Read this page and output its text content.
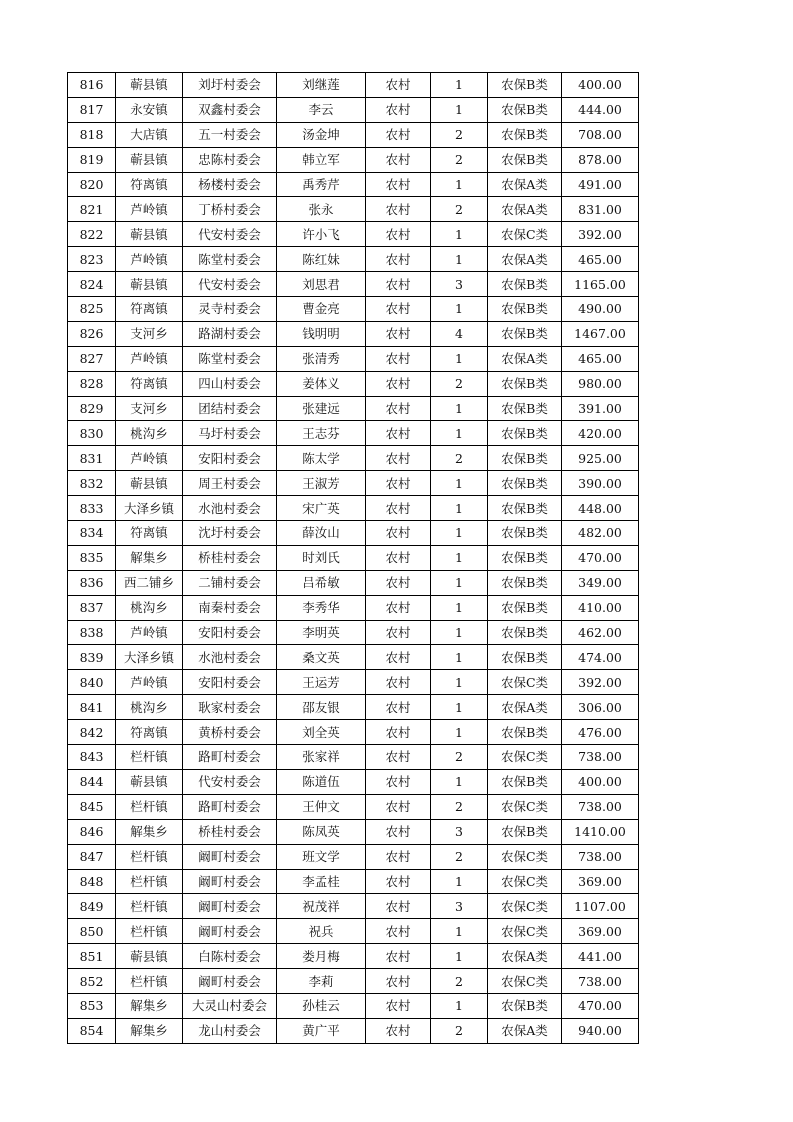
816	蕲县镇	刘圩村委会	刘继莲	农村	1	农保B类	400.00
817	永安镇	双鑫村委会	李云	农村	1	农保B类	444.00
818	大店镇	五一村委会	汤金坤	农村	2	农保B类	708.00
819	蕲县镇	忠陈村委会	韩立军	农村	2	农保B类	878.00
820	符离镇	杨楼村委会	禹秀芹	农村	1	农保A类	491.00
821	芦岭镇	丁桥村委会	张永	农村	2	农保A类	831.00
822	蕲县镇	代安村委会	许小飞	农村	1	农保C类	392.00
823	芦岭镇	陈堂村委会	陈红妹	农村	1	农保A类	465.00
824	蕲县镇	代安村委会	刘思君	农村	3	农保B类	1165.00
825	符离镇	灵寺村委会	曹金亮	农村	1	农保B类	490.00
826	支河乡	路湖村委会	钱明明	农村	4	农保B类	1467.00
827	芦岭镇	陈堂村委会	张清秀	农村	1	农保A类	465.00
828	符离镇	四山村委会	姜体义	农村	2	农保B类	980.00
829	支河乡	团结村委会	张建远	农村	1	农保B类	391.00
830	桃沟乡	马圩村委会	王志芬	农村	1	农保B类	420.00
831	芦岭镇	安阳村委会	陈太学	农村	2	农保B类	925.00
832	蕲县镇	周王村委会	王淑芳	农村	1	农保B类	390.00
833	大泽乡镇	水池村委会	宋广英	农村	1	农保B类	448.00
834	符离镇	沈圩村委会	薛汝山	农村	1	农保B类	482.00
835	解集乡	桥桂村委会	时刘氏	农村	1	农保B类	470.00
836	西二铺乡	二铺村委会	吕希敏	农村	1	农保B类	349.00
837	桃沟乡	南秦村委会	李秀华	农村	1	农保B类	410.00
838	芦岭镇	安阳村委会	李明英	农村	1	农保B类	462.00
839	大泽乡镇	水池村委会	桑文英	农村	1	农保B类	474.00
840	芦岭镇	安阳村委会	王运芳	农村	1	农保C类	392.00
841	桃沟乡	耿家村委会	邵友银	农村	1	农保A类	306.00
842	符离镇	黄桥村委会	刘全英	农村	1	农保B类	476.00
843	栏杆镇	路町村委会	张家祥	农村	2	农保C类	738.00
844	蕲县镇	代安村委会	陈道伍	农村	1	农保B类	400.00
845	栏杆镇	路町村委会	王仲文	农村	2	农保C类	738.00
846	解集乡	桥桂村委会	陈凤英	农村	3	农保B类	1410.00
847	栏杆镇	阚町村委会	班文学	农村	2	农保C类	738.00
848	栏杆镇	阚町村委会	李孟桂	农村	1	农保C类	369.00
849	栏杆镇	阚町村委会	祝茂祥	农村	3	农保C类	1107.00
850	栏杆镇	阚町村委会	祝兵	农村	1	农保C类	369.00
851	蕲县镇	白陈村委会	娄月梅	农村	1	农保A类	441.00
852	栏杆镇	阚町村委会	李莉	农村	2	农保C类	738.00
853	解集乡	大灵山村委会	孙桂云	农村	1	农保B类	470.00
854	解集乡	龙山村委会	黄广平	农村	2	农保A类	940.00
